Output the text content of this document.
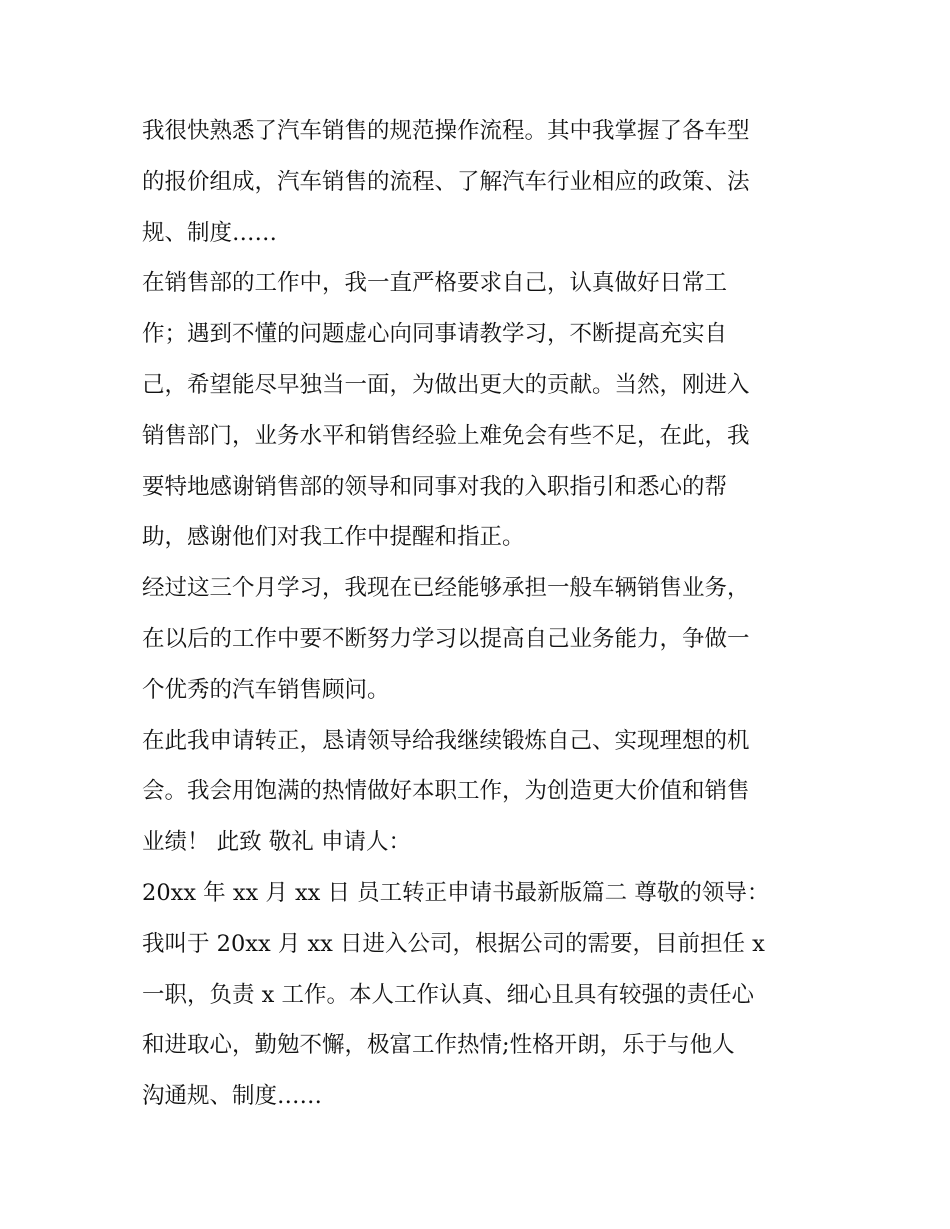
我很快熟悉了汽车销售的规范操作流程。其中我掌握了各车型
的报价组成，汽车销售的流程、了解汽车行业相应的政策、法
规、制度……
在销售部的工作中，我一直严格要求自己，认真做好日常工
作；遇到不懂的问题虚心向同事请教学习，不断提高充实自
己，希望能尽早独当一面，为做出更大的贡献。当然，刚进入
销售部门，业务水平和销售经验上难免会有些不足，在此，我
要特地感谢销售部的领导和同事对我的入职指引和悉心的帮
助，感谢他们对我工作中提醒和指正。
经过这三个月学习，我现在已经能够承担一般车辆销售业务，
在以后的工作中要不断努力学习以提高自己业务能力，争做一
个优秀的汽车销售顾问。
在此我申请转正，恳请领导给我继续锻炼自己、实现理想的机
会。我会用饱满的热情做好本职工作，为创造更大价值和销售
业绩！ 此致 敬礼 申请人：
20xx 年 xx 月 xx 日 员工转正申请书最新版篇二 尊敬的领导：
我叫于 20xx 月 xx 日进入公司，根据公司的需要，目前担任 x
一职，负责 x 工作。本人工作认真、细心且具有较强的责任心
和进取心，勤勉不懈，极富工作热情;性格开朗，乐于与他人
沟通规、制度……
